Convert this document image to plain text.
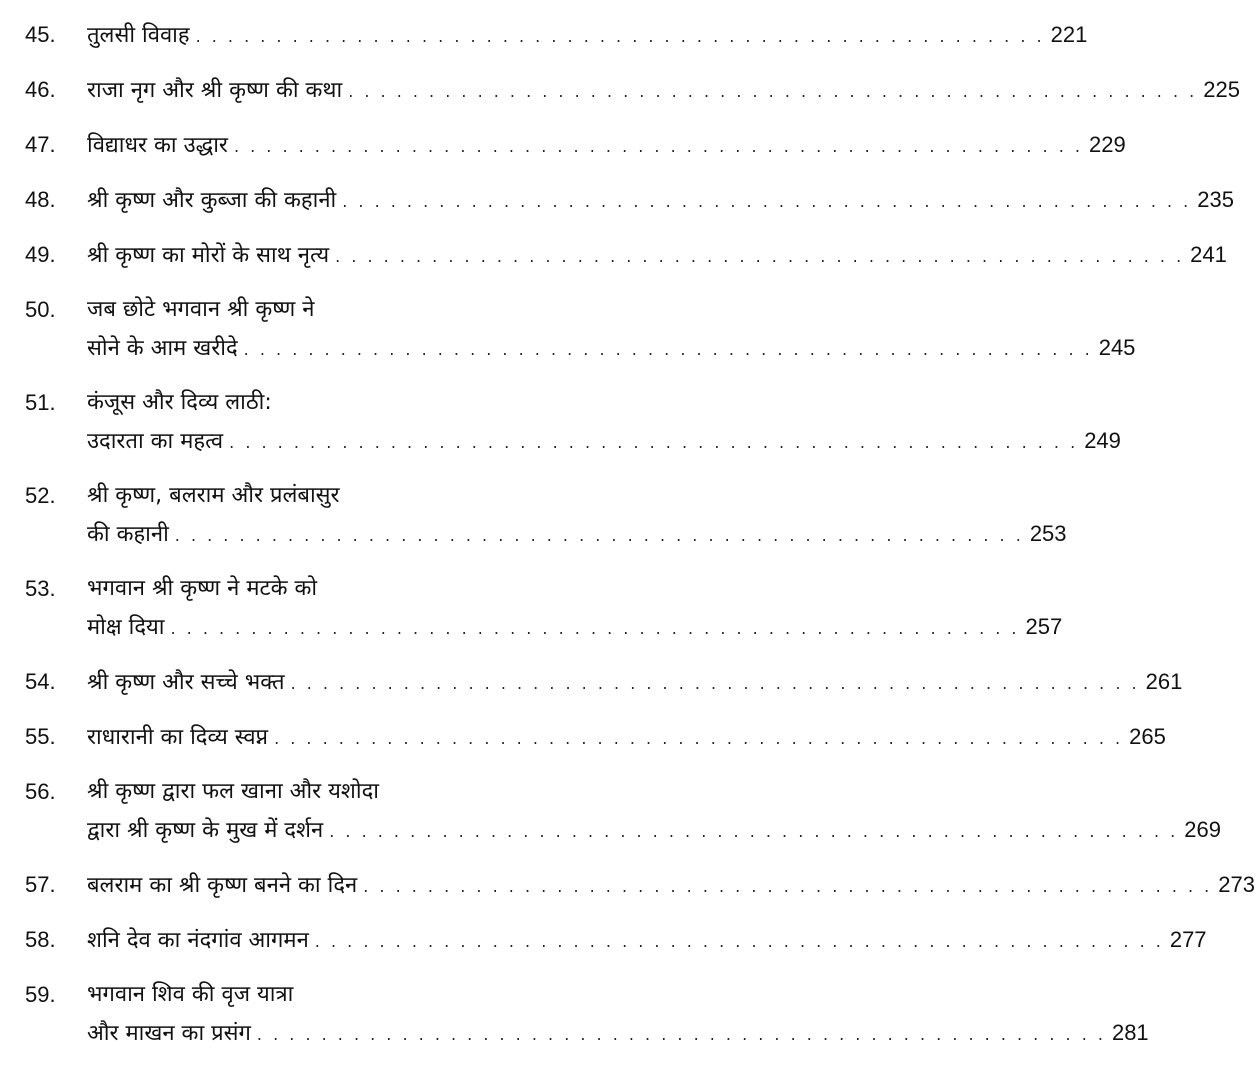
45.	तुलसी विवाह . . .	221
46.	राजा नृग और श्री कृष्ण की कथा . . .	225
47.	विद्याधर का उद्धार . . .	229
48.	श्री कृष्ण और कुब्जा की कहानी . . .	235
49.	श्री कृष्ण का मोरों के साथ नृत्य . . .	241
50.	जब छोटे भगवान श्री कृष्ण ने
सोने के आम खरीदे . . .	245
51.	कंजूस और दिव्य लाठी:
उदारता का महत्व . . .	249
52.	श्री कृष्ण, बलराम और प्रलंबासुर
की कहानी . . .	253
53.	भगवान श्री कृष्ण ने मटके को
मोक्ष दिया . . .	257
54.	श्री कृष्ण और सच्चे भक्त . . .	261
55.	राधारानी का दिव्य स्वप्न . . .	265
56.	श्री कृष्ण द्वारा फल खाना और यशोदा
द्वारा श्री कृष्ण के मुख में दर्शन . . .	269
57.	बलराम का श्री कृष्ण बनने का दिन . . .	273
58.	शनि देव का नंदगांव आगमन . . .	277
59.	भगवान शिव की वृज यात्रा
और माखन का प्रसंग . . .	281
